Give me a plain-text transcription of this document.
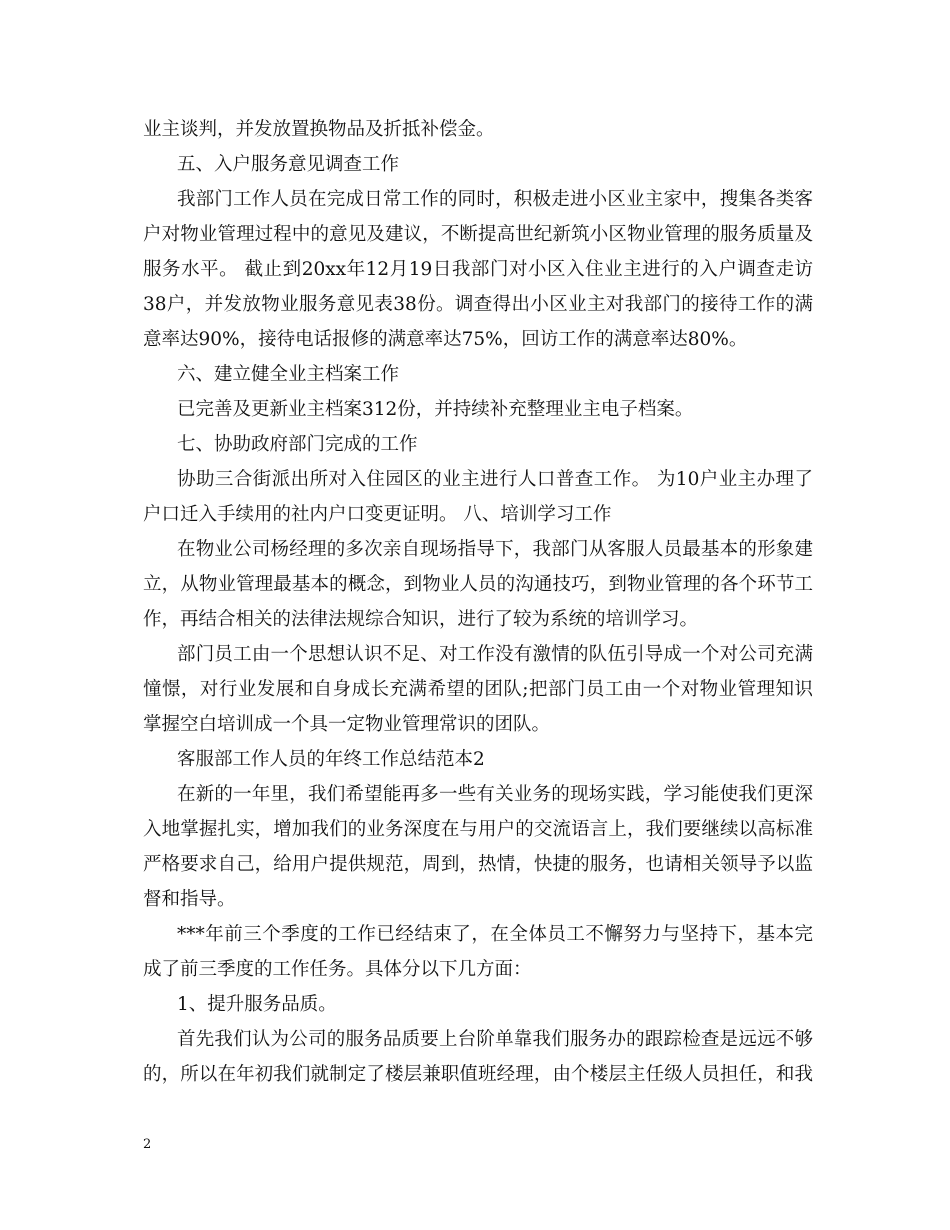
业主谈判，并发放置换物品及折抵补偿金。
五、入户服务意见调查工作
我部门工作人员在完成日常工作的同时，积极走进小区业主家中，搜集各类客
户对物业管理过程中的意见及建议，不断提高世纪新筑小区物业管理的服务质量及
服务水平。 截止到20xx年12月19日我部门对小区入住业主进行的入户调查走访
38户，并发放物业服务意见表38份。调查得出小区业主对我部门的接待工作的满
意率达90%，接待电话报修的满意率达75%，回访工作的满意率达80%。
六、建立健全业主档案工作
已完善及更新业主档案312份，并持续补充整理业主电子档案。
七、协助政府部门完成的工作
协助三合街派出所对入住园区的业主进行人口普查工作。 为10户业主办理了
户口迁入手续用的社内户口变更证明。 八、培训学习工作
在物业公司杨经理的多次亲自现场指导下，我部门从客服人员最基本的形象建
立，从物业管理最基本的概念，到物业人员的沟通技巧，到物业管理的各个环节工
作，再结合相关的法律法规综合知识，进行了较为系统的培训学习。
部门员工由一个思想认识不足、对工作没有激情的队伍引导成一个对公司充满
憧憬，对行业发展和自身成长充满希望的团队;把部门员工由一个对物业管理知识
掌握空白培训成一个具一定物业管理常识的团队。
客服部工作人员的年终工作总结范本2
在新的一年里，我们希望能再多一些有关业务的现场实践，学习能使我们更深
入地掌握扎实，增加我们的业务深度在与用户的交流语言上，我们要继续以高标准
严格要求自己，给用户提供规范，周到，热情，快捷的服务，也请相关领导予以监
督和指导。
***年前三个季度的工作已经结束了，在全体员工不懈努力与坚持下，基本完
成了前三季度的工作任务。具体分以下几方面：
1、提升服务品质。
首先我们认为公司的服务品质要上台阶单靠我们服务办的跟踪检查是远远不够
的，所以在年初我们就制定了楼层兼职值班经理，由个楼层主任级人员担任，和我
2
